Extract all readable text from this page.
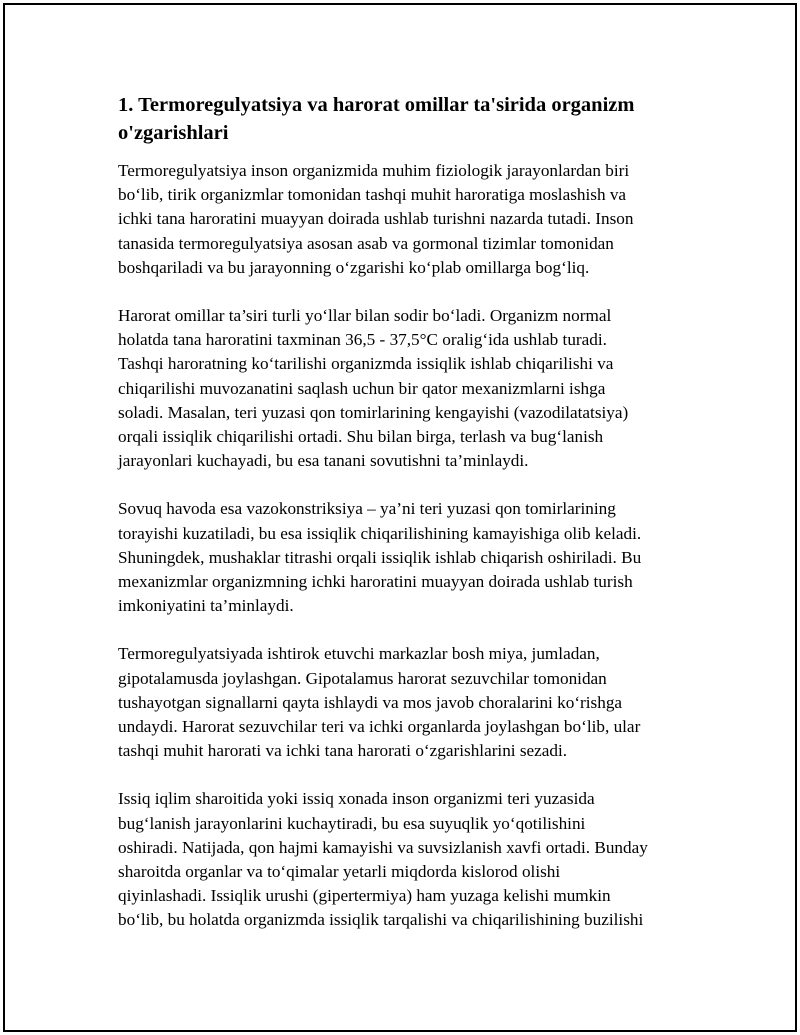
1. Termoregulyatsiya va harorat omillar ta'sirida organizm
o'zgarishlari

Termoregulyatsiya inson organizmida muhim fiziologik jarayonlardan biri
bo‘lib, tirik organizmlar tomonidan tashqi muhit haroratiga moslashish va
ichki tana haroratini muayyan doirada ushlab turishni nazarda tutadi. Inson
tanasida termoregulyatsiya asosan asab va gormonal tizimlar tomonidan
boshqariladi va bu jarayonning o‘zgarishi ko‘plab omillarga bog‘liq.

Harorat omillar ta’siri turli yo‘llar bilan sodir bo‘ladi. Organizm normal
holatda tana haroratini taxminan 36,5 - 37,5°C oralig‘ida ushlab turadi.
Tashqi haroratning ko‘tarilishi organizmda issiqlik ishlab chiqarilishi va
chiqarilishi muvozanatini saqlash uchun bir qator mexanizmlarni ishga
soladi. Masalan, teri yuzasi qon tomirlarining kengayishi (vazodilatatsiya)
orqali issiqlik chiqarilishi ortadi. Shu bilan birga, terlash va bug‘lanish
jarayonlari kuchayadi, bu esa tanani sovutishni ta’minlaydi.

Sovuq havoda esa vazokonstriksiya – ya’ni teri yuzasi qon tomirlarining
torayishi kuzatiladi, bu esa issiqlik chiqarilishining kamayishiga olib keladi.
Shuningdek, mushaklar titrashi orqali issiqlik ishlab chiqarish oshiriladi. Bu
mexanizmlar organizmning ichki haroratini muayyan doirada ushlab turish
imkoniyatini ta’minlaydi.

Termoregulyatsiyada ishtirok etuvchi markazlar bosh miya, jumladan,
gipotalamusda joylashgan. Gipotalamus harorat sezuvchilar tomonidan
tushayotgan signallarni qayta ishlaydi va mos javob choralarini ko‘rishga
undaydi. Harorat sezuvchilar teri va ichki organlarda joylashgan bo‘lib, ular
tashqi muhit harorati va ichki tana harorati o‘zgarishlarini sezadi.

Issiq iqlim sharoitida yoki issiq xonada inson organizmi teri yuzasida
bug‘lanish jarayonlarini kuchaytiradi, bu esa suyuqlik yo‘qotilishini
oshiradi. Natijada, qon hajmi kamayishi va suvsizlanish xavfi ortadi. Bunday
sharoitda organlar va to‘qimalar yetarli miqdorda kislorod olishi
qiyinlashadi. Issiqlik urushi (gipertermiya) ham yuzaga kelishi mumkin
bo‘lib, bu holatda organizmda issiqlik tarqalishi va chiqarilishining buzilishi
